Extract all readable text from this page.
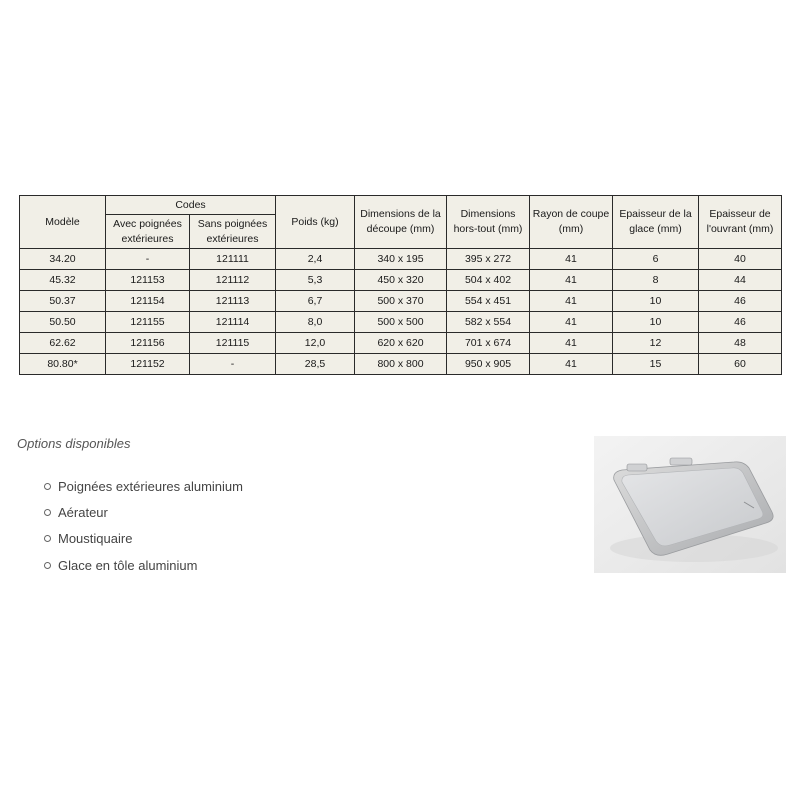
Modèle	Codes		Poids (kg)	Dimensions de la découpe (mm)	Dimensions hors-tout (mm)	Rayon de coupe (mm)	Epaisseur de la glace (mm)	Epaisseur de l'ouvrant (mm)
	Avec poignées extérieures	Sans poignées extérieures						
34.20	-	121111	2,4	340 x 195	395 x 272	41	6	40
45.32	121153	121112	5,3	450 x 320	504 x 402	41	8	44
50.37	121154	121113	6,7	500 x 370	554 x 451	41	10	46
50.50	121155	121114	8,0	500 x 500	582 x 554	41	10	46
62.62	121156	121115	12,0	620 x 620	701 x 674	41	12	48
80.80*	121152	-	28,5	800 x 800	950 x 905	41	15	60
Options disponibles
Poignées extérieures aluminium
Aérateur
Moustiquaire
Glace en tôle aluminium
